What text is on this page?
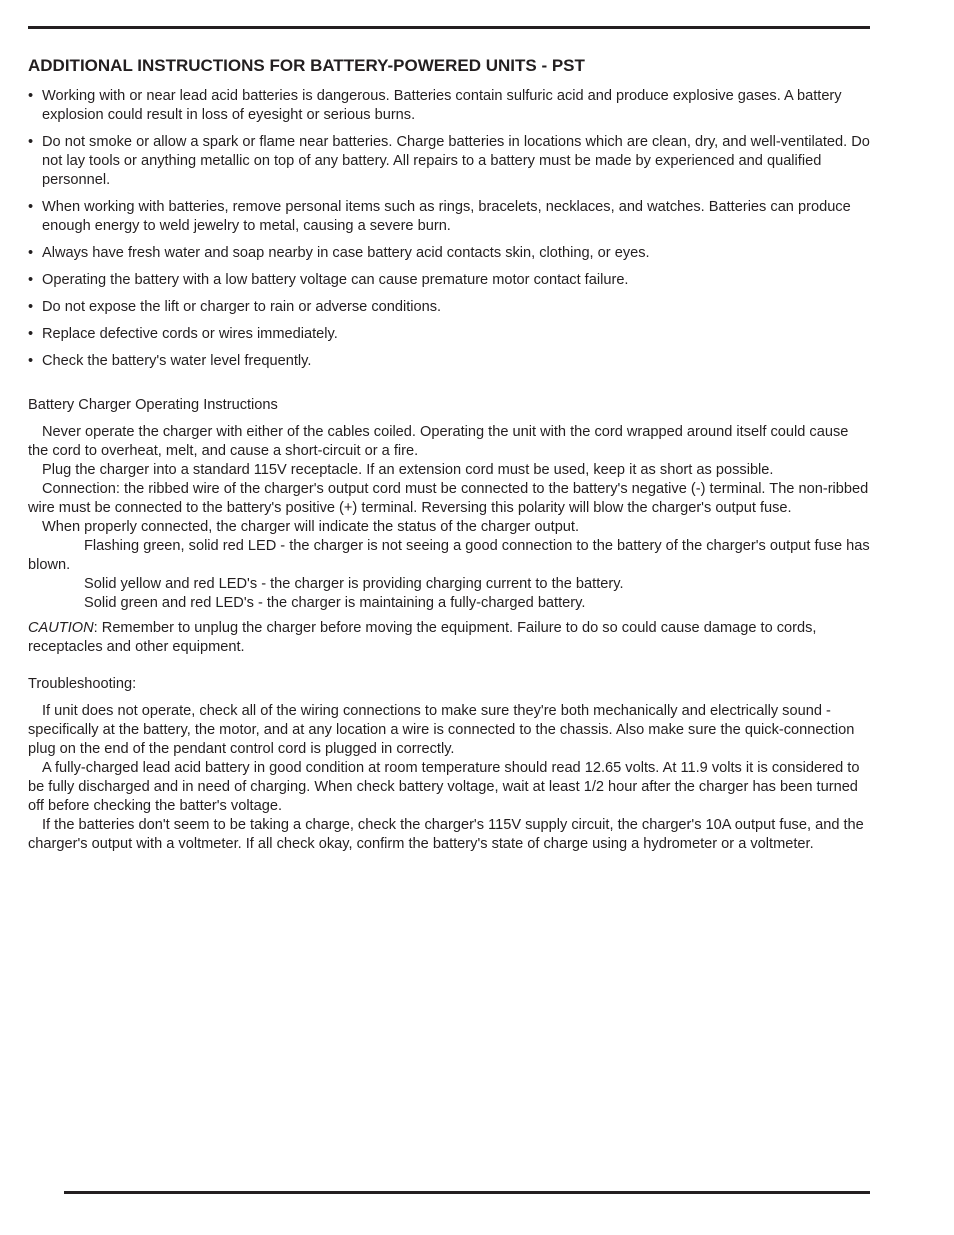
ADDITIONAL INSTRUCTIONS FOR BATTERY-POWERED UNITS - PST
• Working with or near lead acid batteries is dangerous. Batteries contain sulfuric acid and produce explosive gases. A battery explosion could result in loss of eyesight or serious burns.
• Do not smoke or allow a spark or flame near batteries. Charge batteries in locations which are clean, dry, and well-ventilated. Do not lay tools or anything metallic on top of any battery. All repairs to a battery must be made by experienced and qualified personnel.
• When working with batteries, remove personal items such as rings, bracelets, necklaces, and watches. Batteries can produce enough energy to weld jewelry to metal, causing a severe burn.
• Always have fresh water and soap nearby in case battery acid contacts skin, clothing, or eyes.
• Operating the battery with a low battery voltage can cause premature motor contact failure.
• Do not expose the lift or charger to rain or adverse conditions.
• Replace defective cords or wires immediately.
• Check the battery's water level frequently.

Battery Charger Operating Instructions

Never operate the charger with either of the cables coiled. Operating the unit with the cord wrapped around itself could cause the cord to overheat, melt, and cause a short-circuit or a fire.

Plug the charger into a standard 115V receptacle. If an extension cord must be used, keep it as short as possible.

Connection: the ribbed wire of the charger's output cord must be connected to the battery's negative (-) terminal. The non-ribbed wire must be connected to the battery's positive (+) terminal. Reversing this polarity will blow the charger's output fuse.

When properly connected, the charger will indicate the status of the charger output.

Flashing green, solid red LED - the charger is not seeing a good connection to the battery of the charger's output fuse has blown.

Solid yellow and red LED's - the charger is providing charging current to the battery.

Solid green and red LED's - the charger is maintaining a fully-charged battery.

CAUTION: Remember to unplug the charger before moving the equipment. Failure to do so could cause damage to cords, receptacles and other equipment.

Troubleshooting:

If unit does not operate, check all of the wiring connections to make sure they're both mechanically and electrically sound - specifically at the battery, the motor, and at any location a wire is connected to the chassis. Also make sure the quick-connection plug on the end of the pendant control cord is plugged in correctly.

A fully-charged lead acid battery in good condition at room temperature should read 12.65 volts. At 11.9 volts it is considered to be fully discharged and in need of charging. When check battery voltage, wait at least 1/2 hour after the charger has been turned off before checking the batter's voltage.

If the batteries don't seem to be taking a charge, check the charger's 115V supply circuit, the charger's 10A output fuse, and the charger's output with a voltmeter. If all check okay, confirm the battery's state of charge using a hydrometer or a voltmeter.
